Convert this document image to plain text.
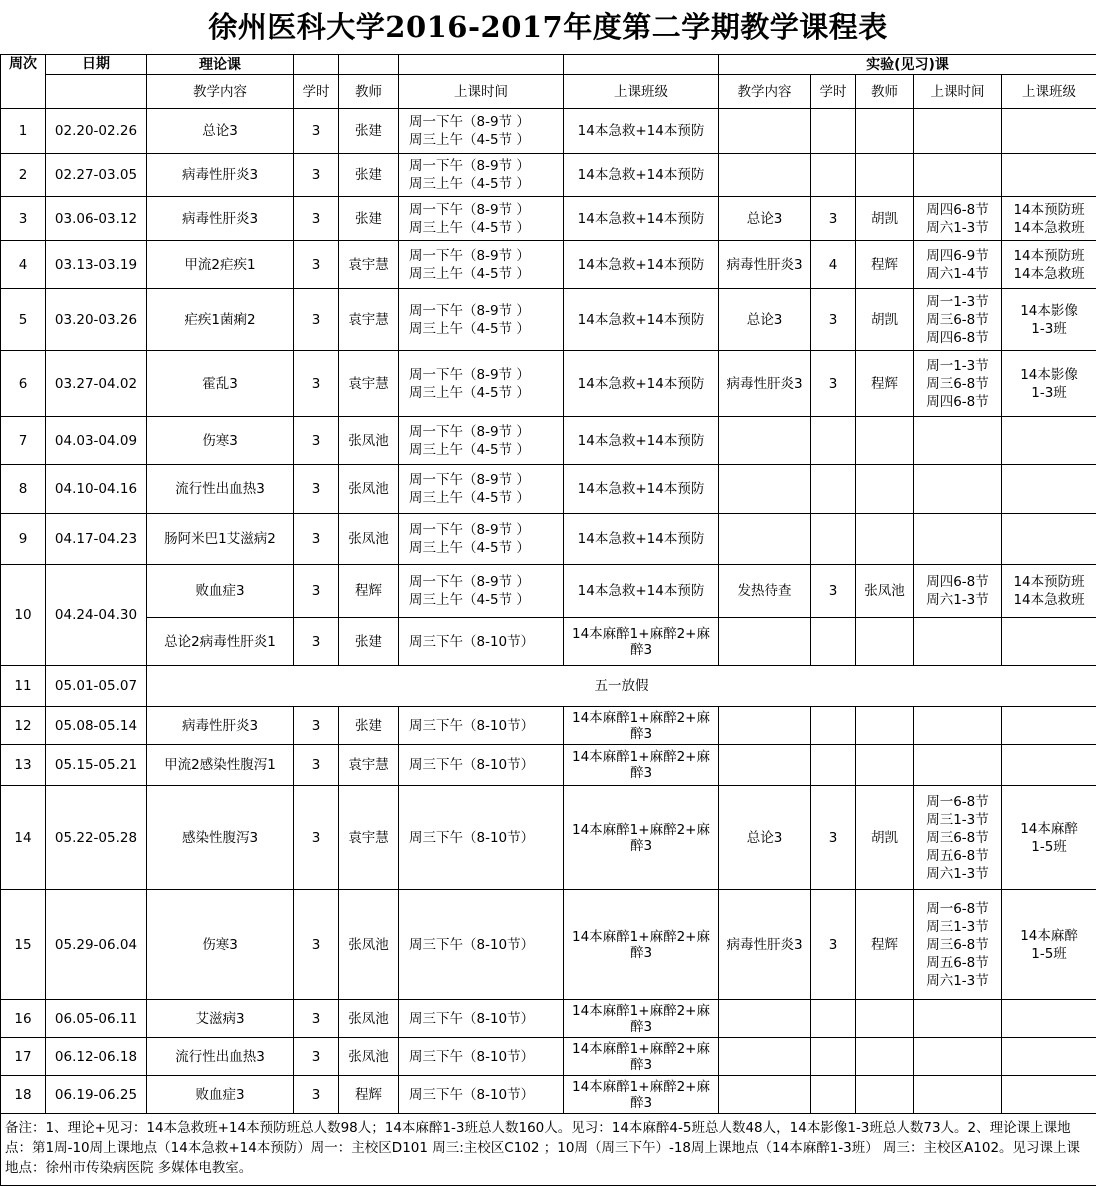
徐州医科大学2016-2017年度第二学期教学课程表
周次	日期	理论课					实验(见习)课				
		教学内容	学时	教师	上课时间	上课班级	教学内容	学时	教师	上课时间	上课班级
1	02.20-02.26	总论3	3	张建	周一下午（8-9节 ）
周三上午（4-5节 ）	14本急救+14本预防					
2	02.27-03.05	病毒性肝炎3	3	张建	周一下午（8-9节 ）
周三上午（4-5节 ）	14本急救+14本预防					
3	03.06-03.12	病毒性肝炎3	3	张建	周一下午（8-9节 ）
周三上午（4-5节 ）	14本急救+14本预防	总论3	3	胡凯	周四6-8节
周六1-3节	14本预防班
14本急救班
4	03.13-03.19	甲流2疟疾1	3	袁宇慧	周一下午（8-9节 ）
周三上午（4-5节 ）	14本急救+14本预防	病毒性肝炎3	4	程辉	周四6-9节
周六1-4节	14本预防班
14本急救班
5	03.20-03.26	疟疾1菌痢2	3	袁宇慧	周一下午（8-9节 ）
周三上午（4-5节 ）	14本急救+14本预防	总论3	3	胡凯	周一1-3节
周三6-8节
周四6-8节	14本影像
1-3班
6	03.27-04.02	霍乱3	3	袁宇慧	周一下午（8-9节 ）
周三上午（4-5节 ）	14本急救+14本预防	病毒性肝炎3	3	程辉	周一1-3节
周三6-8节
周四6-8节	14本影像
1-3班
7	04.03-04.09	伤寒3	3	张凤池	周一下午（8-9节 ）
周三上午（4-5节 ）	14本急救+14本预防					
8	04.10-04.16	流行性出血热3	3	张凤池	周一下午（8-9节 ）
周三上午（4-5节 ）	14本急救+14本预防					
9	04.17-04.23	肠阿米巴1艾滋病2	3	张凤池	周一下午（8-9节 ）
周三上午（4-5节 ）	14本急救+14本预防					
10	04.24-04.30	败血症3	3	程辉	周一下午（8-9节 ）
周三上午（4-5节 ）	14本急救+14本预防	发热待查	3	张凤池	周四6-8节
周六1-3节	14本预防班
14本急救班
		总论2病毒性肝炎1	3	张建	周三下午（8-10节）	14本麻醉1+麻醉2+麻醉3					
11	05.01-05.07	五一放假									
12	05.08-05.14	病毒性肝炎3	3	张建	周三下午（8-10节）	14本麻醉1+麻醉2+麻醉3					
13	05.15-05.21	甲流2感染性腹泻1	3	袁宇慧	周三下午（8-10节）	14本麻醉1+麻醉2+麻醉3					
14	05.22-05.28	感染性腹泻3	3	袁宇慧	周三下午（8-10节）	14本麻醉1+麻醉2+麻醉3	总论3	3	胡凯	周一6-8节
周三1-3节
周三6-8节
周五6-8节
周六1-3节	14本麻醉
1-5班
15	05.29-06.04	伤寒3	3	张凤池	周三下午（8-10节）	14本麻醉1+麻醉2+麻醉3	病毒性肝炎3	3	程辉	周一6-8节
周三1-3节
周三6-8节
周五6-8节
周六1-3节	14本麻醉
1-5班
16	06.05-06.11	艾滋病3	3	张凤池	周三下午（8-10节）	14本麻醉1+麻醉2+麻醉3					
17	06.12-06.18	流行性出血热3	3	张凤池	周三下午（8-10节）	14本麻醉1+麻醉2+麻醉3					
18	06.19-06.25	败血症3	3	程辉	周三下午（8-10节）	14本麻醉1+麻醉2+麻醉3					
备注：1、理论+见习：14本急救班+14本预防班总人数98人；14本麻醉1-3班总人数160人。见习：14本麻醉4-5班总人数48人，14本影像1-3班总人数73人。2、理论课上课地点：第1周-10周上课地点（14本急救+14本预防）周一：主校区D101 周三:主校区C102 ；10周（周三下午）-18周上课地点（14本麻醉1-3班） 周三：主校区A102。见习课上课地点：徐州市传染病医院 多媒体电教室。											
